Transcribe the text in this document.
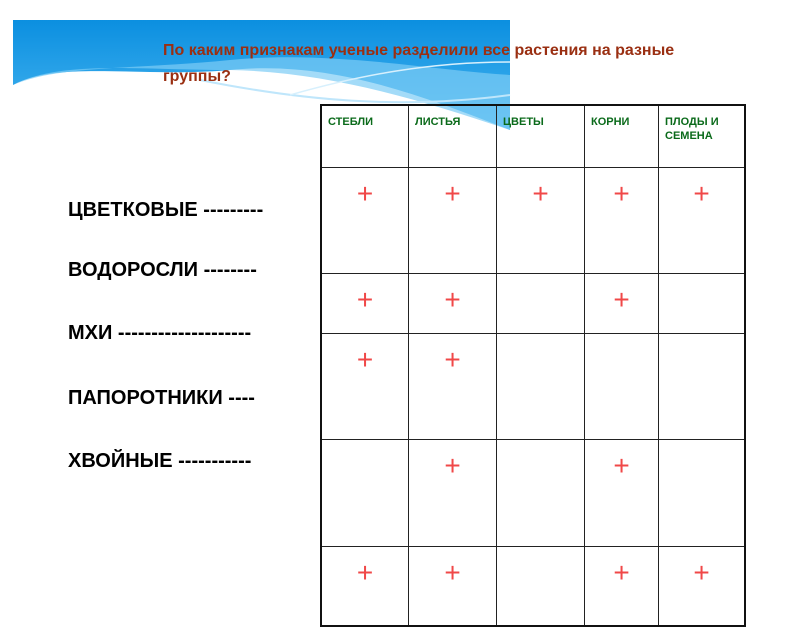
По каким признакам ученые разделили все растения на разные группы?
ЦВЕТКОВЫЕ ---------
ВОДОРОСЛИ --------
МХИ --------------------
ПАПОРОТНИКИ ----
ХВОЙНЫЕ -----------
СТЕБЛИ	ЛИСТЬЯ	ЦВЕТЫ	КОРНИ	ПЛОДЫ И СЕМЕНА

+	+	+	+	+

+	+		+	

+	+			

	+		+	

+	+		+	+
